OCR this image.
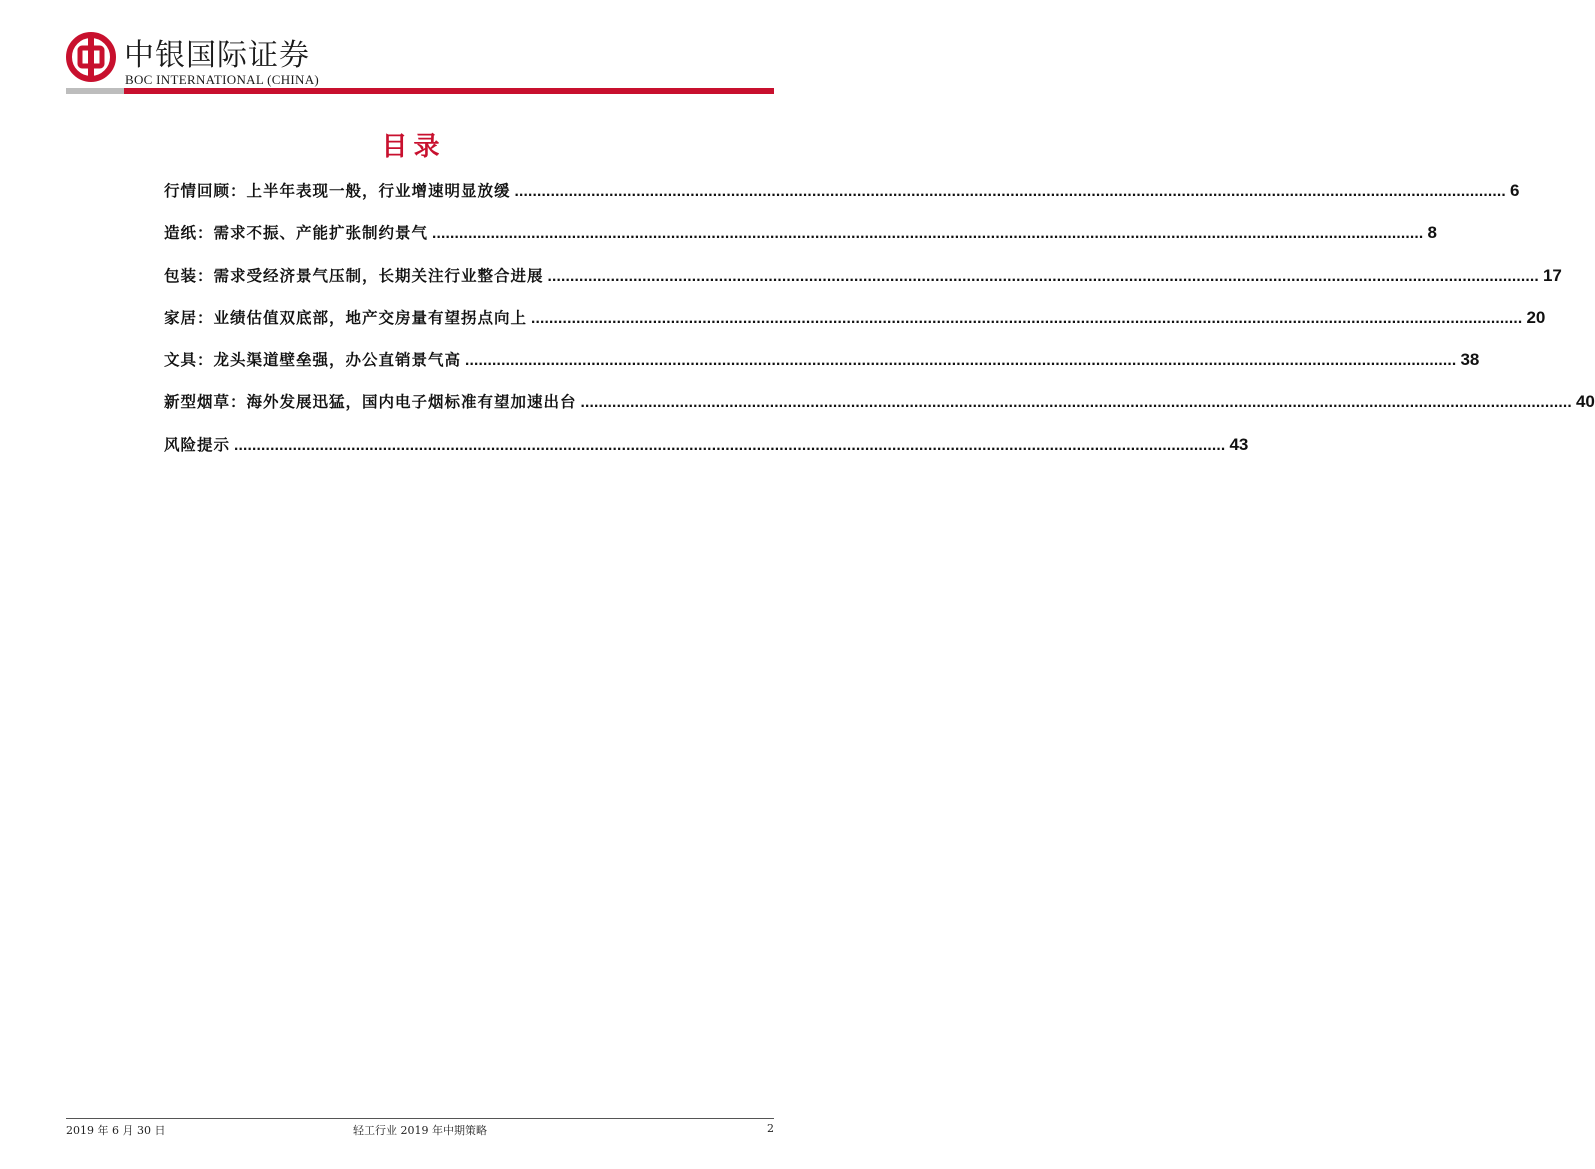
中银国际证券
BOC INTERNATIONAL (CHINA)
目录
行情回顾：上半年表现一般，行业增速明显放缓 ............................................................................................................................................................................................................................ 6
造纸：需求不振、产能扩张制约景气 ............................................................................................................................................................................................................................ 8
包装：需求受经济景气压制，长期关注行业整合进展 ............................................................................................................................................................................................................................ 17
家居：业绩估值双底部，地产交房量有望拐点向上 ............................................................................................................................................................................................................................ 20
文具：龙头渠道壁垒强，办公直销景气高 ............................................................................................................................................................................................................................ 38
新型烟草：海外发展迅猛，国内电子烟标准有望加速出台 ............................................................................................................................................................................................................................ 40
风险提示 ............................................................................................................................................................................................................................ 43
2019 年 6 月 30 日	轻工行业 2019 年中期策略	2
